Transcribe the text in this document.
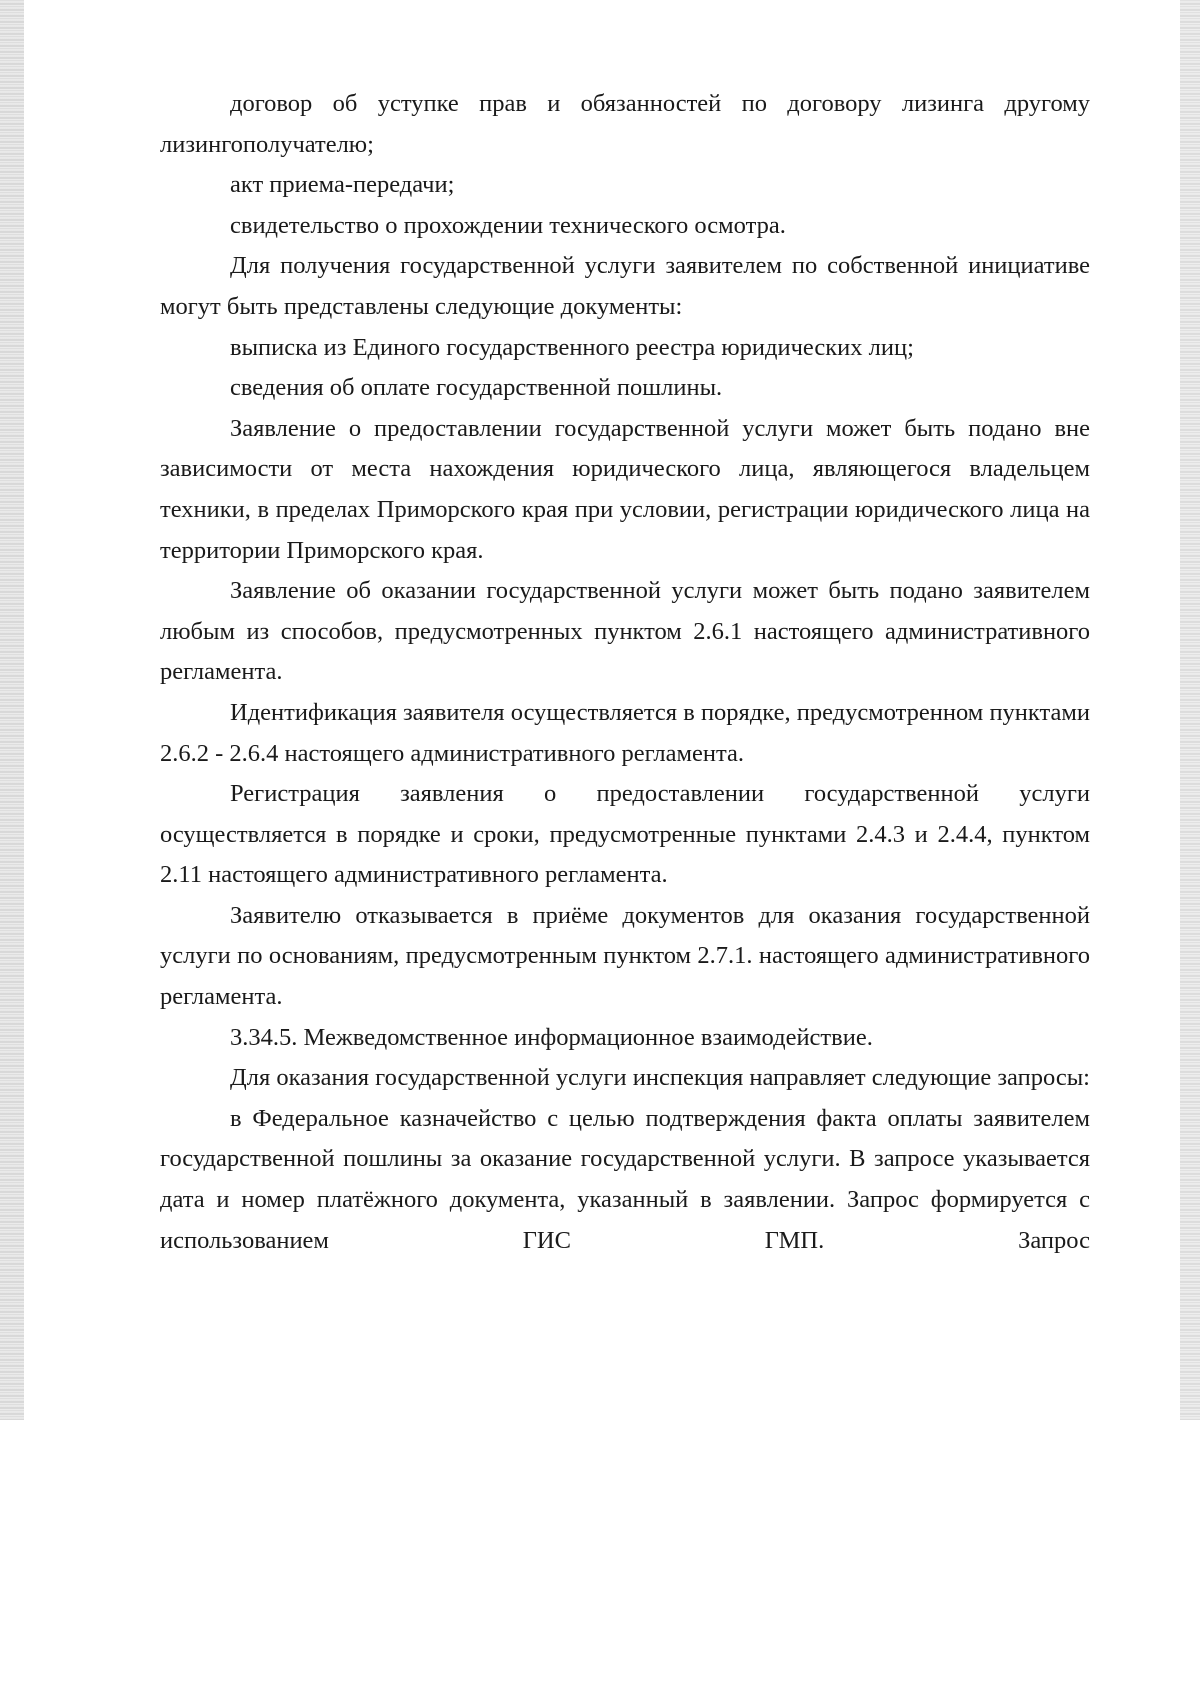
договор об уступке прав и обязанностей по договору лизинга другому лизингополучателю;

акт приема-передачи;

свидетельство о прохождении технического осмотра.

Для получения государственной услуги заявителем по собственной инициативе могут быть представлены следующие документы:

выписка из Единого государственного реестра юридических лиц;

сведения об оплате государственной пошлины.

Заявление о предоставлении государственной услуги может быть подано вне зависимости от места нахождения юридического лица, являющегося владельцем техники, в пределах Приморского края при условии, регистрации юридического лица на территории Приморского края.

Заявление об оказании государственной услуги может быть подано заявителем любым из способов, предусмотренных пунктом 2.6.1 настоящего административного регламента.

Идентификация заявителя осуществляется в порядке, предусмотренном пунктами 2.6.2 - 2.6.4 настоящего административного регламента.

Регистрация заявления о предоставлении государственной услуги осуществляется в порядке и сроки, предусмотренные пунктами 2.4.3 и 2.4.4, пунктом 2.11 настоящего административного регламента.

Заявителю отказывается в приёме документов для оказания государственной услуги по основаниям, предусмотренным пунктом 2.7.1. настоящего административного регламента.

3.34.5. Межведомственное информационное взаимодействие.

Для оказания государственной услуги инспекция направляет следующие запросы:

в Федеральное казначейство с целью подтверждения факта оплаты заявителем государственной пошлины за оказание государственной услуги. В запросе указывается дата и номер платёжного документа, указанный в заявлении. Запрос формируется с использованием ГИС ГМП. Запрос
